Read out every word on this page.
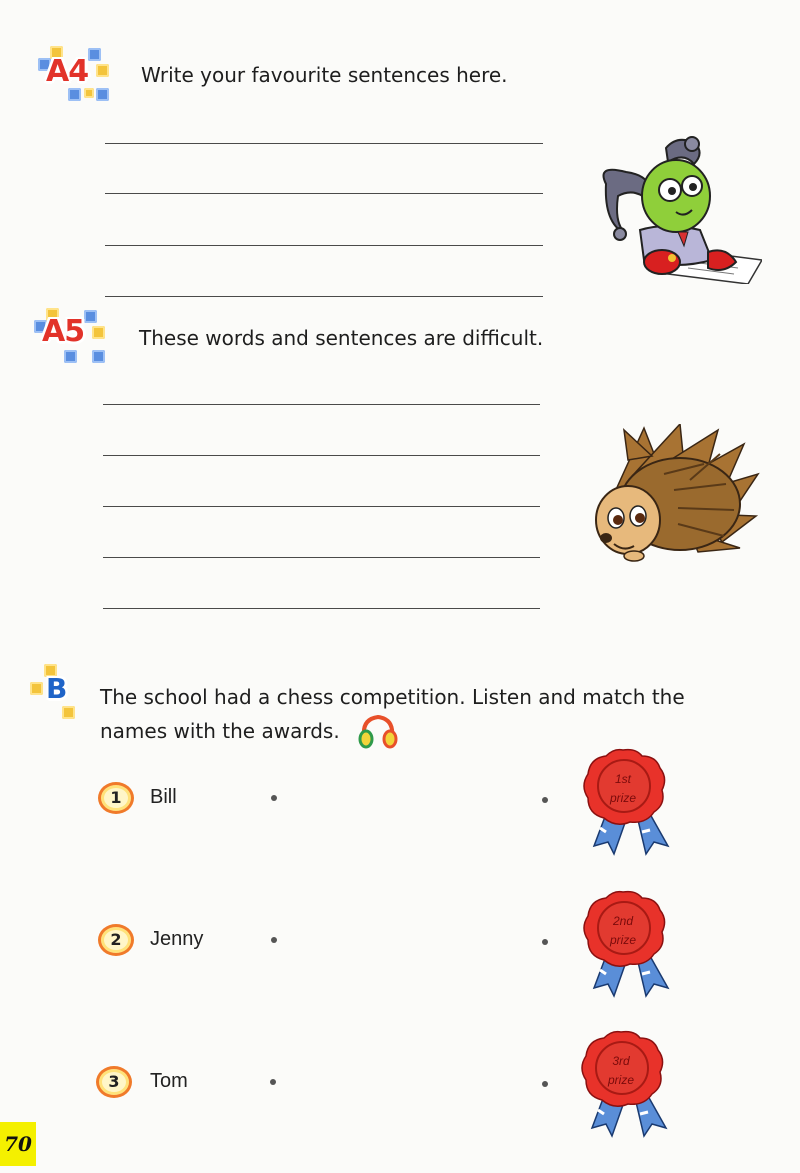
A4	Write your favourite sentences here.
A5	These words and sentences are difficult.
B The school had a chess competition. Listen and match the
names with the awards.
1	Bill
2	Jenny
3	Tom
1st
prize
2nd
prize
3rd
prize
70
